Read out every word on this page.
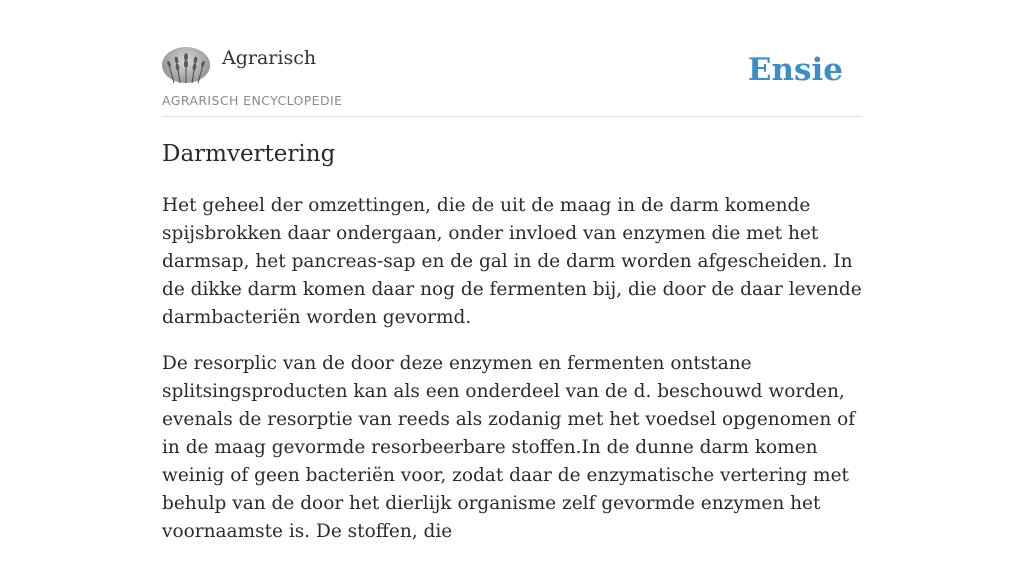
Agrarisch
AGRARISCH ENCYCLOPEDIE
Ensie
Darmvertering

Het geheel der omzettingen, die de uit de maag in de darm komende spijsbrokken daar ondergaan, onder invloed van enzymen die met het darmsap, het pancreas-sap en de gal in de darm worden afgescheiden. In de dikke darm komen daar nog de fermenten bij, die door de daar levende darmbacteriën worden gevormd.

De resorplic van de door deze enzymen en fermenten ontstane splitsingsproducten kan als een onderdeel van de d. beschouwd worden, evenals de resorptie van reeds als zodanig met het voedsel opgenomen of in de maag gevormde resorbeerbare stoffen.In de dunne darm komen weinig of geen bacteriën voor, zodat daar de enzymatische vertering met behulp van de door het dierlijk organisme zelf gevormde enzymen het voornaamste is. De stoffen, die
